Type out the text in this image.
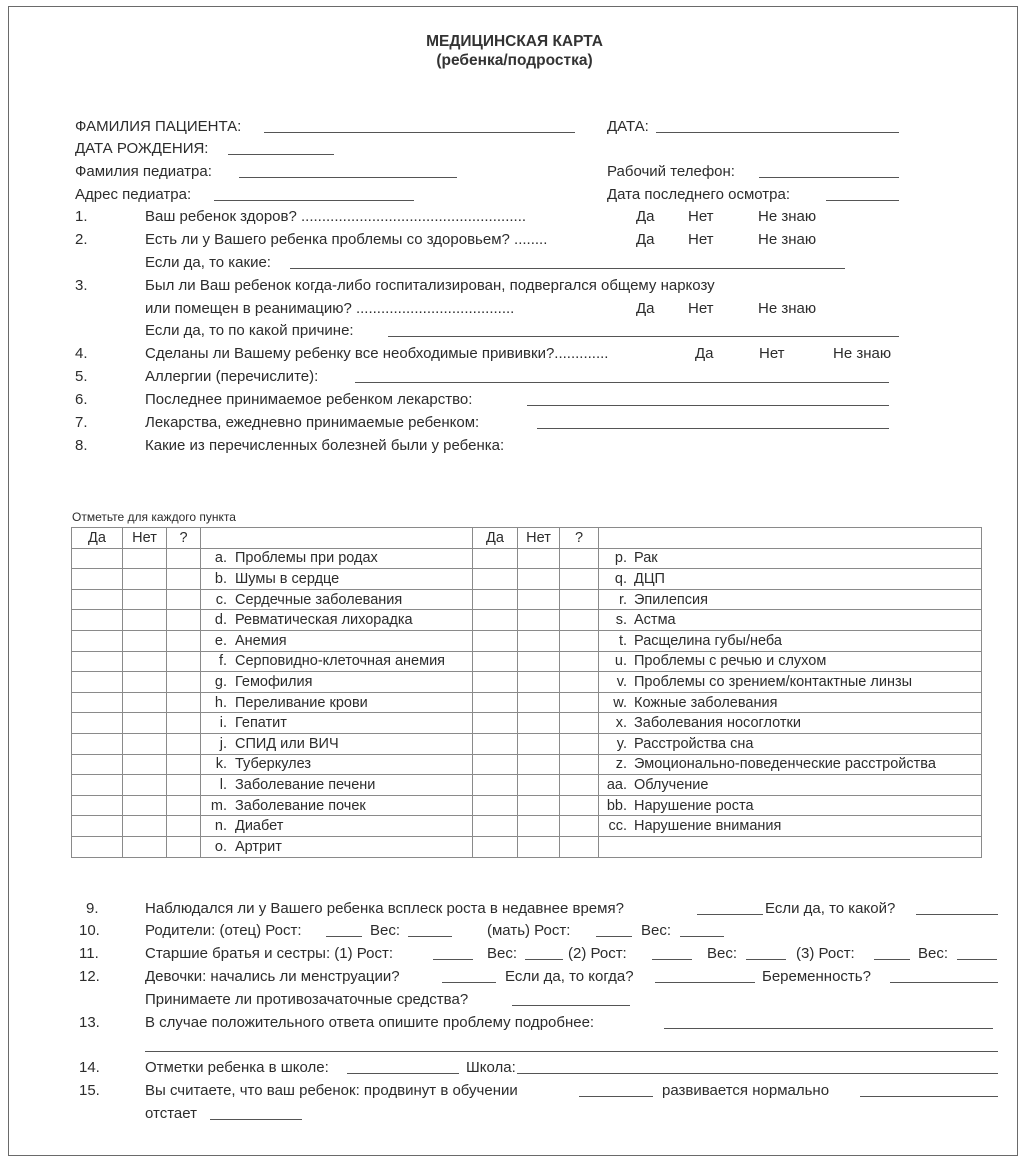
МЕДИЦИНСКАЯ КАРТА
(ребенка/подростка)
ФАМИЛИЯ ПАЦИЕНТА:	ДАТА:
ДАТА РОЖДЕНИЯ:
Фамилия педиатра:	Рабочий телефон:
Адрес педиатра:	Дата последнего осмотра:
1.	Ваш ребенок здоров? ......................................................	Да Нет	Не знаю
2.	Есть ли у Вашего ребенка проблемы со здоровьем? ........	Да Нет	Не знаю
Если да, то какие:
3.	Был ли Ваш ребенок когда-либо госпитализирован, подвергался общему наркозу
или помещен в реанимацию? ......................................	Да Нет	Не знаю
Если да, то по какой причине:
4.	Сделаны ли Вашему ребенку все необходимые прививки?.............	Да	Нет	Не знаю
5.	Аллергии (перечислите):
6.	Последнее принимаемое ребенком лекарство:
7.	Лекарства, ежедневно принимаемые ребенком:
8.	Какие из перечисленных болезней были у ребенка:
Отметьте для каждого пункта
Да	Нет	?		Да	Нет	?	
			a. Проблемы при родах				p. Рак
			b. Шумы в сердце				q. ДЦП
			c. Сердечные заболевания				r. Эпилепсия
			d. Ревматическая лихорадка				s. Астма
			e. Анемия				t. Расщелина губы/неба
			f. Серповидно-клеточная анемия				u. Проблемы с речью и слухом
			g. Гемофилия				v. Проблемы со зрением/контактные линзы
			h. Переливание крови				w. Кожные заболевания
			i. Гепатит				x. Заболевания носоглотки
			j. СПИД или ВИЧ				y. Расстройства сна
			k. Туберкулез				z. Эмоционально-поведенческие расстройства
			l. Заболевание печени				aa. Облучение
			m. Заболевание почек				bb. Нарушение роста
			n. Диабет				cc. Нарушение внимания
			o. Артрит				
9.	Наблюдался ли у Вашего ребенка всплеск роста в недавнее время?	Если да, то какой?
10.	Родители: (отец) Рост:	Вес:	(мать) Рост:	Вес:
11.	Старшие братья и сестры: (1) Рост:	Вес:	(2) Рост:	Вес:	(3) Рост:	Вес:
12.	Девочки: начались ли менструации?	Если да, то когда?	Беременность?
Принимаете ли противозачаточные средства?
13.	В случае положительного ответа опишите проблему подробнее:
14.	Отметки ребенка в школе:	Школа:
15.	Вы считаете, что ваш ребенок: продвинут в обучении	развивается нормально
отстает
